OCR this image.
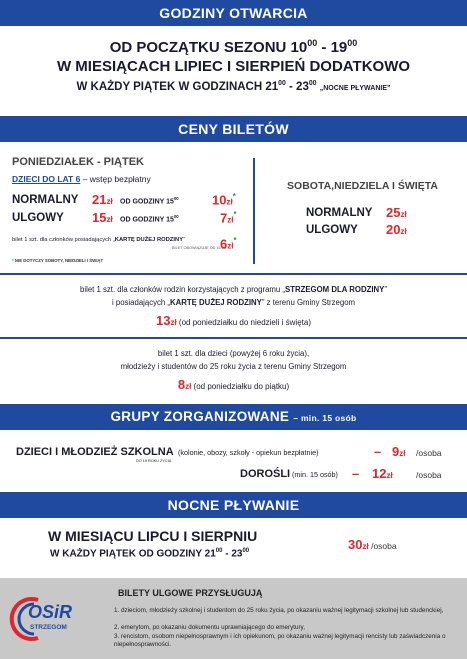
GODZINY OTWARCIA
OD POCZĄTKU SEZONU $10^{00} - 19^{00}$
W MIESIĄCACH LIPIEC I SIERPIEŃ DODATKOWO
W KAŻDY PIĄTEK W GODZINACH $21^{00} - 23^{00}$ „NOCNE PŁYWANIE”
CENY BILETÓW
PONIEDZIAŁEK - PIĄTEK
DZIECI DO LAT 6 – wstęp bezpłatny
NORMALNY 21zł OD GODZINY $15^{00}$	10zł*
ULGOWY 15zł OD GODZINY $15^{00}$	7zł*
bilet 1 szt. dla członków posiadających „KARTĘ DUŻEJ RODZINY”
BILET OBOWIĄZUJE OD 15:00
6zł*
* NIE DOTYCZY SOBOTY, NIEDZIELI I ŚWIĄT
SOBOTA,NIEDZIELA I ŚWIĘTA
NORMALNY 25zł
ULGOWY 20zł
bilet 1 szt. dla członków rodzin korzystających z programu „STRZEGOM DLA RODZINY”
i posiadających „KARTĘ DUŻEJ RODZINY” z terenu Gminy Strzegom
13zł (od poniedziałku do niedzieli i święta)
bilet 1 szt. dla dzieci (powyżej 6 roku życia),
młodzieży i studentów do 25 roku życia z terenu Gminy Strzegom
8zł (od poniedziałku do piątku)
GRUPY ZORGANIZOWANE – min. 15 osób
DZIECI I MŁODZIEŻ SZKOLNA
DO 19 ROKU ŻYCIA
(kolonie, obozy, szkoły - opiekun bezpłatnie)	– 9zł /osoba
DOROŚLI (min. 15 osób) – 12zł	/osoba
NOCNE PŁYWANIE
W MIESIĄCU LIPCU I SIERPNIU
W KAŻDY PIĄTEK OD GODZINY $21^{00} - 23^{00}$	30zł /osoba
OSiR
STRZEGOM
BILETY ULGOWE PRZYSŁUGUJĄ
1. dzieciom, młodzieży szkolnej i studentom do 25 roku życia, po okazaniu ważnej legitymacji szkolnej lub studenckiej,
2. emerytom, po okazaniu dokumentu uprawniającego do emerytury,
3. rencistom, osobom niepełnosprawnym i ich opiekunom, po okazaniu ważnej legitymacji rencisty lub zaświadczenia o niepełnosprawności.
